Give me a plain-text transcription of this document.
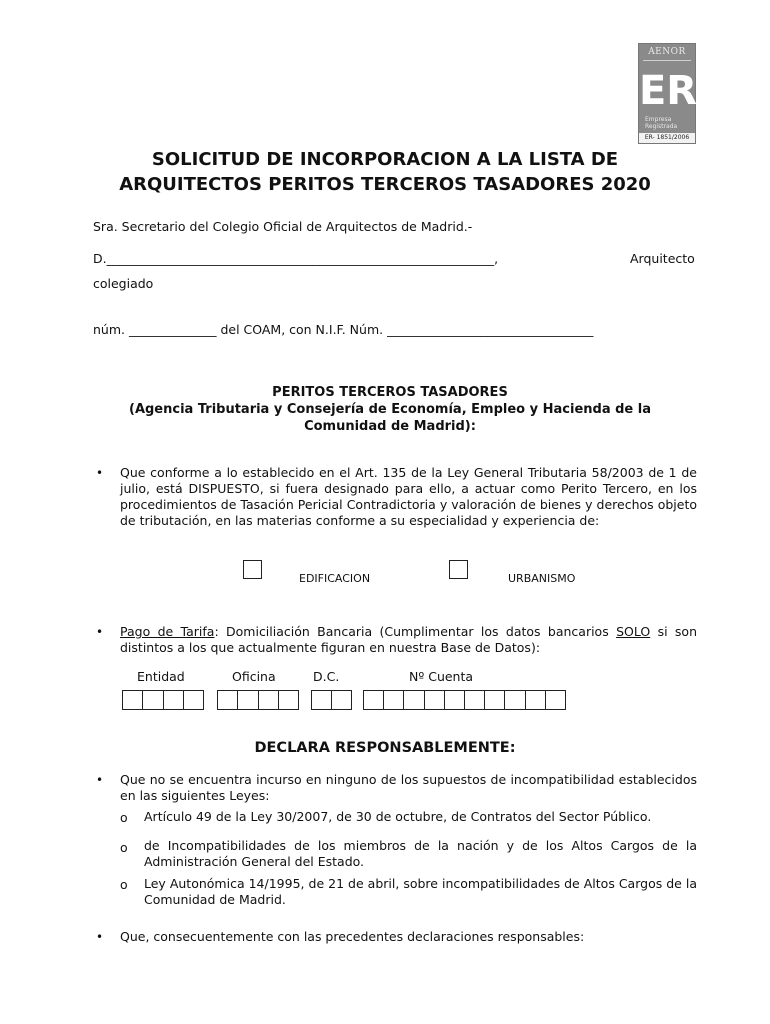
AENOR
ER
Empresa
Registrada
ER- 1851/2006
SOLICITUD DE INCORPORACION A LA LISTA DE
ARQUITECTOS PERITOS TERCEROS TASADORES 2020
Sra. Secretario del Colegio Oficial de Arquitectos de Madrid.-
D.______________________________________________________________,	Arquitecto
colegiado
núm. ______________ del COAM, con N.I.F. Núm. _________________________________
PERITOS TERCEROS TASADORES
(Agencia Tributaria y Consejería de Economía, Empleo y Hacienda de la
Comunidad de Madrid):
• Que conforme a lo establecido en el Art. 135 de la Ley General Tributaria 58/2003 de 1 de julio, está DISPUESTO, si fuera designado para ello, a actuar como Perito Tercero, en los procedimientos de Tasación Pericial Contradictoria y valoración de bienes y derechos objeto de tributación, en las materias conforme a su especialidad y experiencia de:
EDIFICACION	URBANISMO
• Pago de Tarifa: Domiciliación Bancaria (Cumplimentar los datos bancarios SOLO si son distintos a los que actualmente figuran en nuestra Base de Datos):
Entidad	Oficina	D.C.	Nº Cuenta
DECLARA RESPONSABLEMENTE:
• Que no se encuentra incurso en ninguno de los supuestos de incompatibilidad establecidos en las siguientes Leyes:
o Artículo 49 de la Ley 30/2007, de 30 de octubre, de Contratos del Sector Público.
o de Incompatibilidades de los miembros de la nación y de los Altos Cargos de la Administración General del Estado.
o Ley Autonómica 14/1995, de 21 de abril, sobre incompatibilidades de Altos Cargos de la Comunidad de Madrid.
• Que, consecuentemente con las precedentes declaraciones responsables:
